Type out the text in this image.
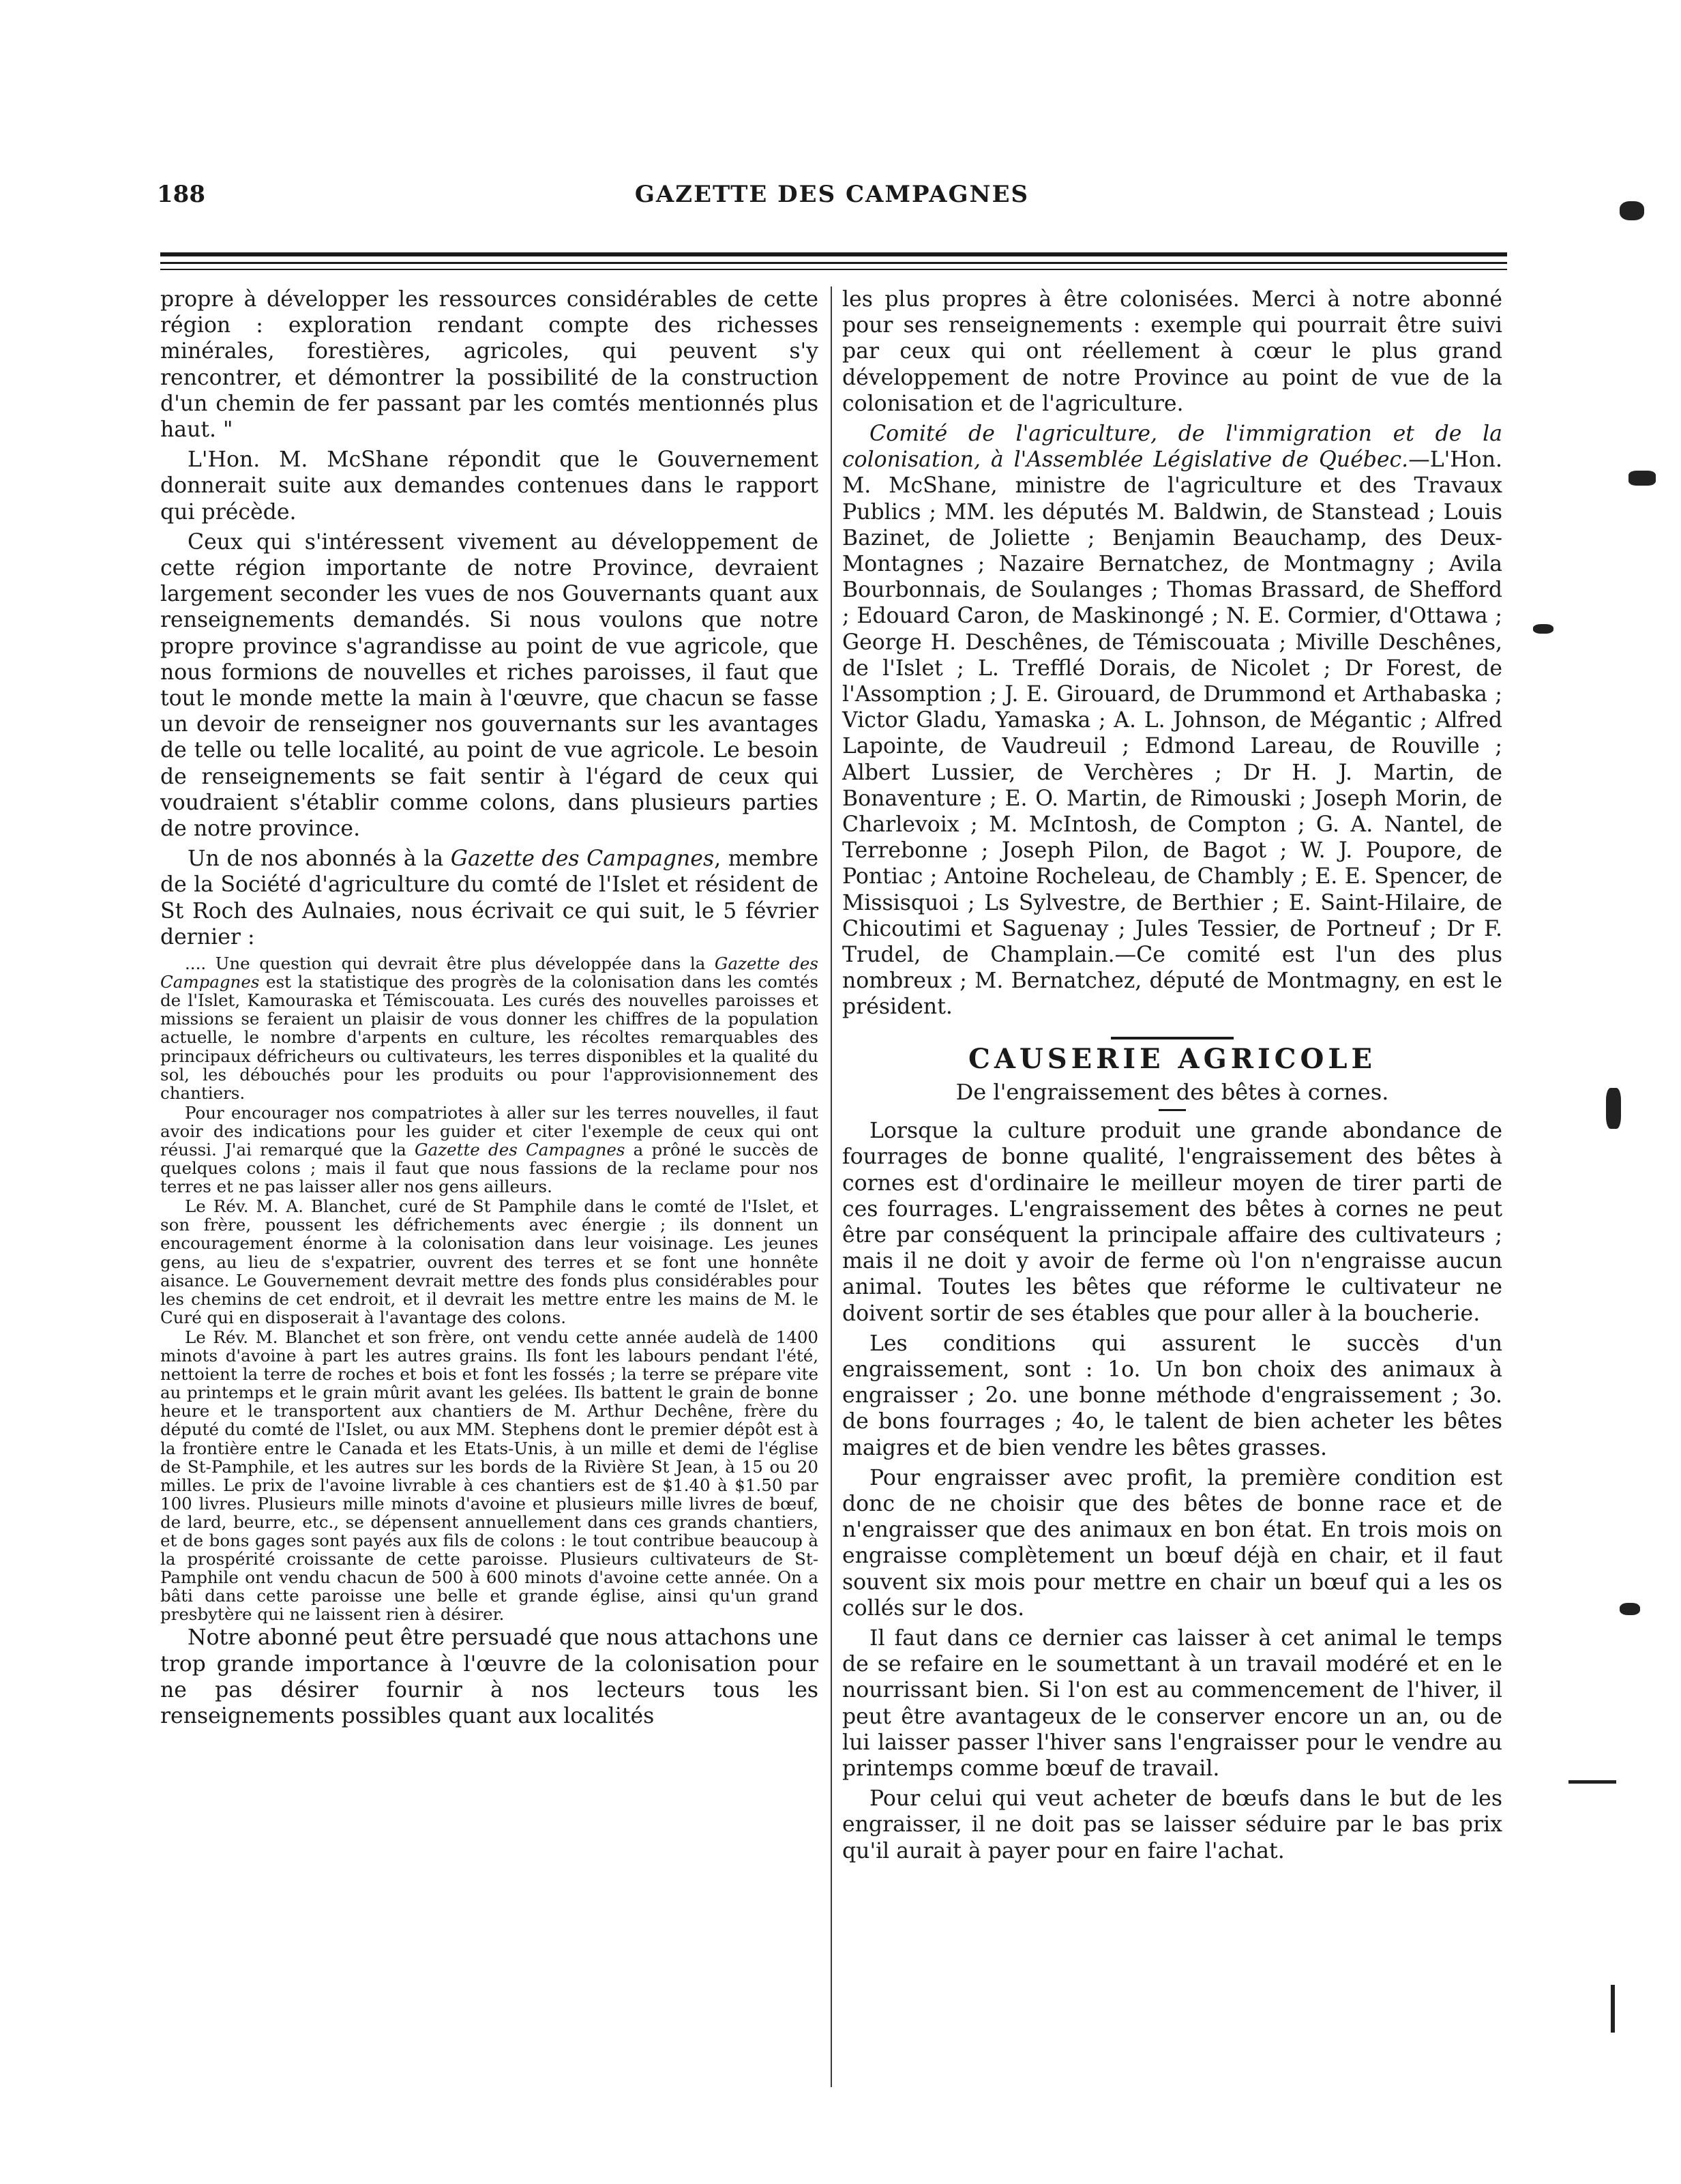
188	GAZETTE DES CAMPAGNES

propre à développer les ressources considérables de cette région : exploration rendant compte des richesses minérales, forestières, agricoles, qui peuvent s'y rencontrer, et démontrer la possibilité de la construction d'un chemin de fer passant par les comtés mentionnés plus haut. "

L'Hon. M. McShane répondit que le Gouvernement donnerait suite aux demandes contenues dans le rapport qui précède.

Ceux qui s'intéressent vivement au développement de cette région importante de notre Province, devraient largement seconder les vues de nos Gouvernants quant aux renseignements demandés. Si nous voulons que notre propre province s'agrandisse au point de vue agricole, que nous formions de nouvelles et riches paroisses, il faut que tout le monde mette la main à l'œuvre, que chacun se fasse un devoir de renseigner nos gouvernants sur les avantages de telle ou telle localité, au point de vue agricole. Le besoin de renseignements se fait sentir à l'égard de ceux qui voudraient s'établir comme colons, dans plusieurs parties de notre province.

Un de nos abonnés à la Gazette des Campagnes, membre de la Société d'agriculture du comté de l'Islet et résident de St Roch des Aulnaies, nous écrivait ce qui suit, le 5 février dernier :

.... Une question qui devrait être plus développée dans la Gazette des Campagnes est la statistique des progrès de la colonisation dans les comtés de l'Islet, Kamouraska et Témiscouata. Les curés des nouvelles paroisses et missions se feraient un plaisir de vous donner les chiffres de la population actuelle, le nombre d'arpents en culture, les récoltes remarquables des principaux défricheurs ou cultivateurs, les terres disponibles et la qualité du sol, les débouchés pour les produits ou pour l'approvisionnement des chantiers.

Pour encourager nos compatriotes à aller sur les terres nouvelles, il faut avoir des indications pour les guider et citer l'exemple de ceux qui ont réussi. J'ai remarqué que la Gazette des Campagnes a prôné le succès de quelques colons ; mais il faut que nous fassions de la reclame pour nos terres et ne pas laisser aller nos gens ailleurs.

Le Rév. M. A. Blanchet, curé de St Pamphile dans le comté de l'Islet, et son frère, poussent les défrichements avec énergie ; ils donnent un encouragement énorme à la colonisation dans leur voisinage. Les jeunes gens, au lieu de s'expatrier, ouvrent des terres et se font une honnête aisance. Le Gouvernement devrait mettre des fonds plus considérables pour les chemins de cet endroit, et il devrait les mettre entre les mains de M. le Curé qui en disposerait à l'avantage des colons.

Le Rév. M. Blanchet et son frère, ont vendu cette année audelà de 1400 minots d'avoine à part les autres grains. Ils font les labours pendant l'été, nettoient la terre de roches et bois et font les fossés ; la terre se prépare vite au printemps et le grain mûrit avant les gelées. Ils battent le grain de bonne heure et le transportent aux chantiers de M. Arthur Dechêne, frère du député du comté de l'Islet, ou aux MM. Stephens dont le premier dépôt est à la frontière entre le Canada et les Etats-Unis, à un mille et demi de l'église de St-Pamphile, et les autres sur les bords de la Rivière St Jean, à 15 ou 20 milles. Le prix de l'avoine livrable à ces chantiers est de $1.40 à $1.50 par 100 livres. Plusieurs mille minots d'avoine et plusieurs mille livres de bœuf, de lard, beurre, etc., se dépensent annuellement dans ces grands chantiers, et de bons gages sont payés aux fils de colons : le tout contribue beaucoup à la prospérité croissante de cette paroisse. Plusieurs cultivateurs de St-Pamphile ont vendu chacun de 500 à 600 minots d'avoine cette année. On a bâti dans cette paroisse une belle et grande église, ainsi qu'un grand presbytère qui ne laissent rien à désirer.

Notre abonné peut être persuadé que nous attachons une trop grande importance à l'œuvre de la colonisation pour ne pas désirer fournir à nos lecteurs tous les renseignements possibles quant aux localités

les plus propres à être colonisées. Merci à notre abonné pour ses renseignements : exemple qui pourrait être suivi par ceux qui ont réellement à cœur le plus grand développement de notre Province au point de vue de la colonisation et de l'agriculture.

Comité de l'agriculture, de l'immigration et de la colonisation, à l'Assemblée Législative de Québec.—L'Hon. M. McShane, ministre de l'agriculture et des Travaux Publics ; MM. les députés M. Baldwin, de Stanstead ; Louis Bazinet, de Joliette ; Benjamin Beauchamp, des Deux-Montagnes ; Nazaire Bernatchez, de Montmagny ; Avila Bourbonnais, de Soulanges ; Thomas Brassard, de Shefford ; Edouard Caron, de Maskinongé ; N. E. Cormier, d'Ottawa ; George H. Deschênes, de Témiscouata ; Miville Deschênes, de l'Islet ; L. Trefflé Dorais, de Nicolet ; Dr Forest, de l'Assomption ; J. E. Girouard, de Drummond et Arthabaska ; Victor Gladu, Yamaska ; A. L. Johnson, de Mégantic ; Alfred Lapointe, de Vaudreuil ; Edmond Lareau, de Rouville ; Albert Lussier, de Verchères ; Dr H. J. Martin, de Bonaventure ; E. O. Martin, de Rimouski ; Joseph Morin, de Charlevoix ; M. McIntosh, de Compton ; G. A. Nantel, de Terrebonne ; Joseph Pilon, de Bagot ; W. J. Poupore, de Pontiac ; Antoine Rocheleau, de Chambly ; E. E. Spencer, de Missisquoi ; Ls Sylvestre, de Berthier ; E. Saint-Hilaire, de Chicoutimi et Saguenay ; Jules Tessier, de Portneuf ; Dr F. Trudel, de Champlain.—Ce comité est l'un des plus nombreux ; M. Bernatchez, député de Montmagny, en est le président.

CAUSERIE AGRICOLE
De l'engraissement des bêtes à cornes.

Lorsque la culture produit une grande abondance de fourrages de bonne qualité, l'engraissement des bêtes à cornes est d'ordinaire le meilleur moyen de tirer parti de ces fourrages. L'engraissement des bêtes à cornes ne peut être par conséquent la principale affaire des cultivateurs ; mais il ne doit y avoir de ferme où l'on n'engraisse aucun animal. Toutes les bêtes que réforme le cultivateur ne doivent sortir de ses étables que pour aller à la boucherie.

Les conditions qui assurent le succès d'un engraissement, sont : 1o. Un bon choix des animaux à engraisser ; 2o. une bonne méthode d'engraissement ; 3o. de bons fourrages ; 4o, le talent de bien acheter les bêtes maigres et de bien vendre les bêtes grasses.

Pour engraisser avec profit, la première condition est donc de ne choisir que des bêtes de bonne race et de n'engraisser que des animaux en bon état. En trois mois on engraisse complètement un bœuf déjà en chair, et il faut souvent six mois pour mettre en chair un bœuf qui a les os collés sur le dos.

Il faut dans ce dernier cas laisser à cet animal le temps de se refaire en le soumettant à un travail modéré et en le nourrissant bien. Si l'on est au commencement de l'hiver, il peut être avantageux de le conserver encore un an, ou de lui laisser passer l'hiver sans l'engraisser pour le vendre au printemps comme bœuf de travail.

Pour celui qui veut acheter de bœufs dans le but de les engraisser, il ne doit pas se laisser séduire par le bas prix qu'il aurait à payer pour en faire l'achat.
